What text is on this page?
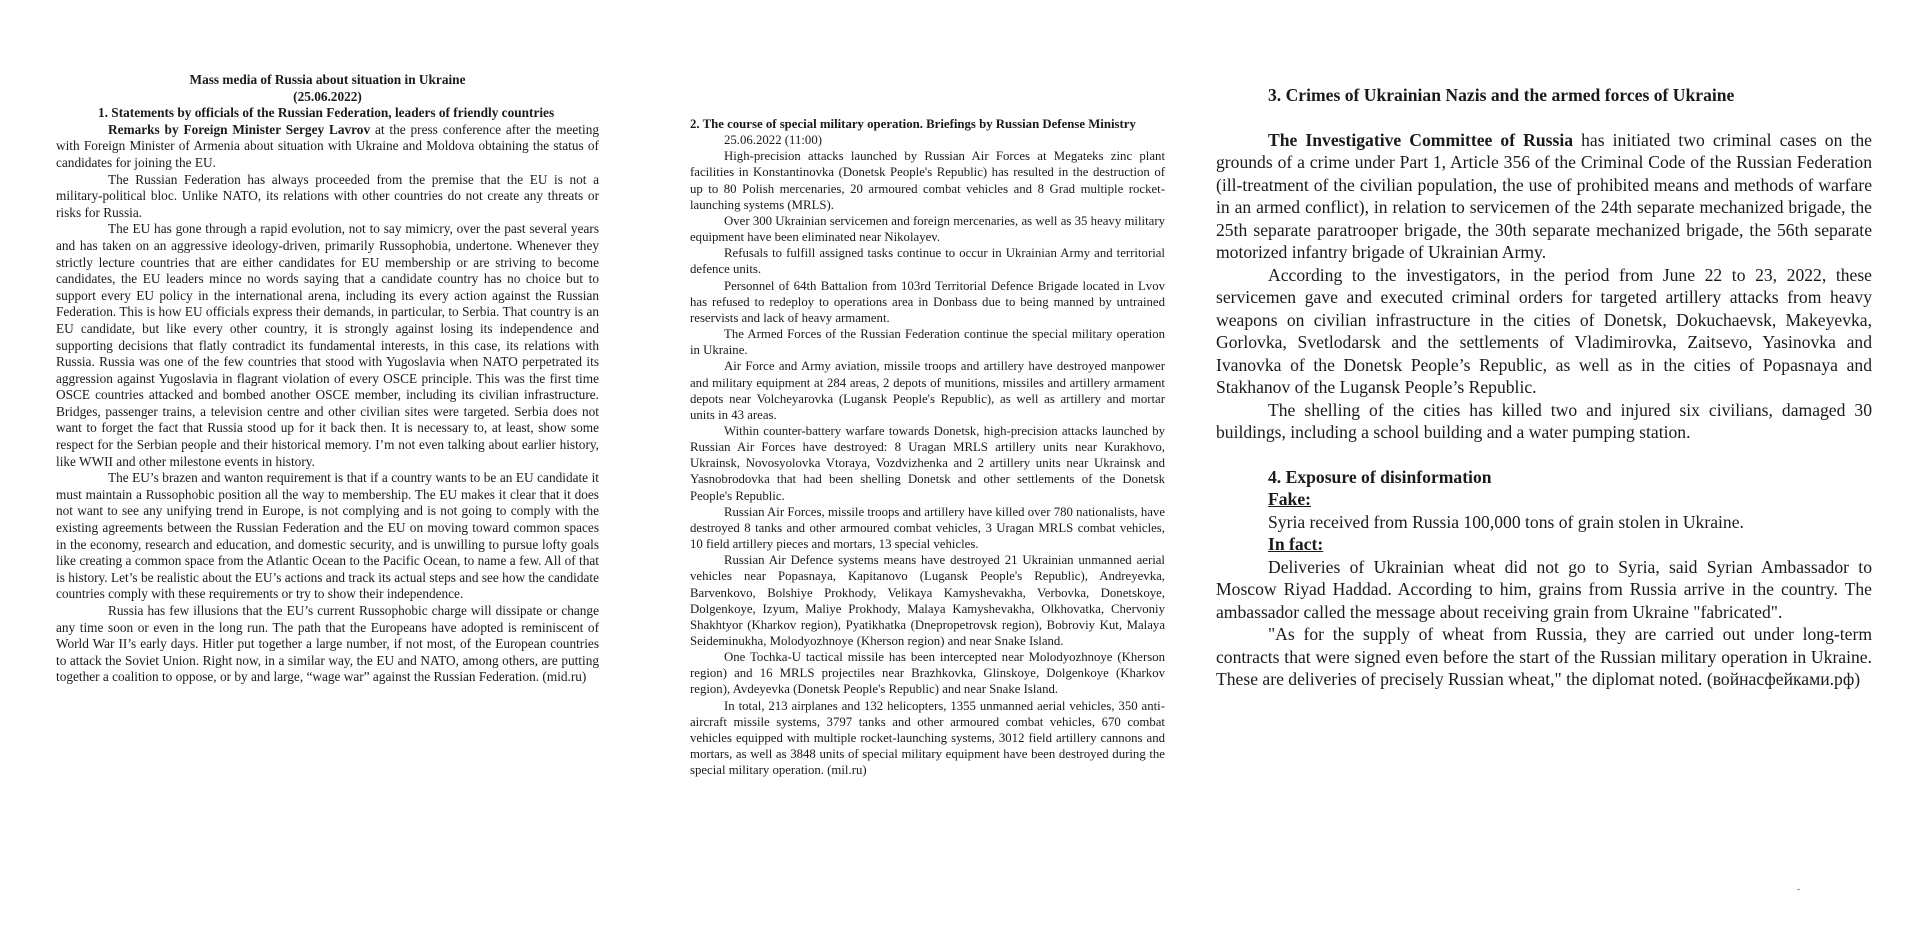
Mass media of Russia about situation in Ukraine

(25.06.2022)

1. Statements by officials of the Russian Federation, leaders of friendly countries

Remarks by Foreign Minister Sergey Lavrov at the press conference after the meeting with Foreign Minister of Armenia about situation with Ukraine and Moldova obtaining the status of candidates for joining the EU.

The Russian Federation has always proceeded from the premise that the EU is not a military-political bloc. Unlike NATO, its relations with other countries do not create any threats or risks for Russia.

The EU has gone through a rapid evolution, not to say mimicry, over the past several years and has taken on an aggressive ideology-driven, primarily Russophobia, undertone. Whenever they strictly lecture countries that are either candidates for EU membership or are striving to become candidates, the EU leaders mince no words saying that a candidate country has no choice but to support every EU policy in the international arena, including its every action against the Russian Federation. This is how EU officials express their demands, in particular, to Serbia. That country is an EU candidate, but like every other country, it is strongly against losing its independence and supporting decisions that flatly contradict its fundamental interests, in this case, its relations with Russia. Russia was one of the few countries that stood with Yugoslavia when NATO perpetrated its aggression against Yugoslavia in flagrant violation of every OSCE principle. This was the first time OSCE countries attacked and bombed another OSCE member, including its civilian infrastructure. Bridges, passenger trains, a television centre and other civilian sites were targeted. Serbia does not want to forget the fact that Russia stood up for it back then. It is necessary to, at least, show some respect for the Serbian people and their historical memory. I’m not even talking about earlier history, like WWII and other milestone events in history.

The EU’s brazen and wanton requirement is that if a country wants to be an EU candidate it must maintain a Russophobic position all the way to membership. The EU makes it clear that it does not want to see any unifying trend in Europe, is not complying and is not going to comply with the existing agreements between the Russian Federation and the EU on moving toward common spaces in the economy, research and education, and domestic security, and is unwilling to pursue lofty goals like creating a common space from the Atlantic Ocean to the Pacific Ocean, to name a few. All of that is history. Let’s be realistic about the EU’s actions and track its actual steps and see how the candidate countries comply with these requirements or try to show their independence.

Russia has few illusions that the EU’s current Russophobic charge will dissipate or change any time soon or even in the long run. The path that the Europeans have adopted is reminiscent of World War II’s early days. Hitler put together a large number, if not most, of the European countries to attack the Soviet Union. Right now, in a similar way, the EU and NATO, among others, are putting together a coalition to oppose, or by and large, “wage war” against the Russian Federation. (mid.ru)

2. The course of special military operation. Briefings by Russian Defense Ministry

25.06.2022 (11:00)

High-precision attacks launched by Russian Air Forces at Megateks zinc plant facilities in Konstantinovka (Donetsk People's Republic) has resulted in the destruction of up to 80 Polish mercenaries, 20 armoured combat vehicles and 8 Grad multiple rocket-launching systems (MRLS).

Over 300 Ukrainian servicemen and foreign mercenaries, as well as 35 heavy military equipment have been eliminated near Nikolayev.

Refusals to fulfill assigned tasks continue to occur in Ukrainian Army and territorial defence units.

Personnel of 64th Battalion from 103rd Territorial Defence Brigade located in Lvov has refused to redeploy to operations area in Donbass due to being manned by untrained reservists and lack of heavy armament.

The Armed Forces of the Russian Federation continue the special military operation in Ukraine.

Air Force and Army aviation, missile troops and artillery have destroyed manpower and military equipment at 284 areas, 2 depots of munitions, missiles and artillery armament depots near Volcheyarovka (Lugansk People's Republic), as well as artillery and mortar units in 43 areas.

Within counter-battery warfare towards Donetsk, high-precision attacks launched by Russian Air Forces have destroyed: 8 Uragan MRLS artillery units near Kurakhovo, Ukrainsk, Novosyolovka Vtoraya, Vozdvizhenka and 2 artillery units near Ukrainsk and Yasnobrodovka that had been shelling Donetsk and other settlements of the Donetsk People's Republic.

Russian Air Forces, missile troops and artillery have killed over 780 nationalists, have destroyed 8 tanks and other armoured combat vehicles, 3 Uragan MRLS combat vehicles, 10 field artillery pieces and mortars, 13 special vehicles.

Russian Air Defence systems means have destroyed 21 Ukrainian unmanned aerial vehicles near Popasnaya, Kapitanovo (Lugansk People's Republic), Andreyevka, Barvenkovo, Bolshiye Prokhody, Velikaya Kamyshevakha, Verbovka, Donetskoye, Dolgenkoye, Izyum, Maliye Prokhody, Malaya Kamyshevakha, Olkhovatka, Chervoniy Shakhtyor (Kharkov region), Pyatikhatka (Dnepropetrovsk region), Bobroviy Kut, Malaya Seideminukha, Molodyozhnoye (Kherson region) and near Snake Island.

One Tochka-U tactical missile has been intercepted near Molodyozhnoye (Kherson region) and 16 MRLS projectiles near Brazhkovka, Glinskoye, Dolgenkoye (Kharkov region), Avdeyevka (Donetsk People's Republic) and near Snake Island.

In total, 213 airplanes and 132 helicopters, 1355 unmanned aerial vehicles, 350 anti-aircraft missile systems, 3797 tanks and other armoured combat vehicles, 670 combat vehicles equipped with multiple rocket-launching systems, 3012 field artillery cannons and mortars, as well as 3848 units of special military equipment have been destroyed during the special military operation. (mil.ru)

3. Crimes of Ukrainian Nazis and the armed forces of Ukraine

The Investigative Committee of Russia has initiated two criminal cases on the grounds of a crime under Part 1, Article 356 of the Criminal Code of the Russian Federation (ill-treatment of the civilian population, the use of prohibited means and methods of warfare in an armed conflict), in relation to servicemen of the 24th separate mechanized brigade, the 25th separate paratrooper brigade, the 30th separate mechanized brigade, the 56th separate motorized infantry brigade of Ukrainian Army.

According to the investigators, in the period from June 22 to 23, 2022, these servicemen gave and executed criminal orders for targeted artillery attacks from heavy weapons on civilian infrastructure in the cities of Donetsk, Dokuchaevsk, Makeyevka, Gorlovka, Svetlodarsk and the settlements of Vladimirovka, Zaitsevo, Yasinovka and Ivanovka of the Donetsk People’s Republic, as well as in the cities of Popasnaya and Stakhanov of the Lugansk People’s Republic.

The shelling of the cities has killed two and injured six civilians, damaged 30 buildings, including a school building and a water pumping station.

4. Exposure of disinformation

Fake:

Syria received from Russia 100,000 tons of grain stolen in Ukraine.

In fact:

Deliveries of Ukrainian wheat did not go to Syria, said Syrian Ambassador to Moscow Riyad Haddad. According to him, grains from Russia arrive in the country. The ambassador called the message about receiving grain from Ukraine "fabricated".

"As for the supply of wheat from Russia, they are carried out under long-term contracts that were signed even before the start of the Russian military operation in Ukraine. These are deliveries of precisely Russian wheat," the diplomat noted. (войнасфейками.рф)
